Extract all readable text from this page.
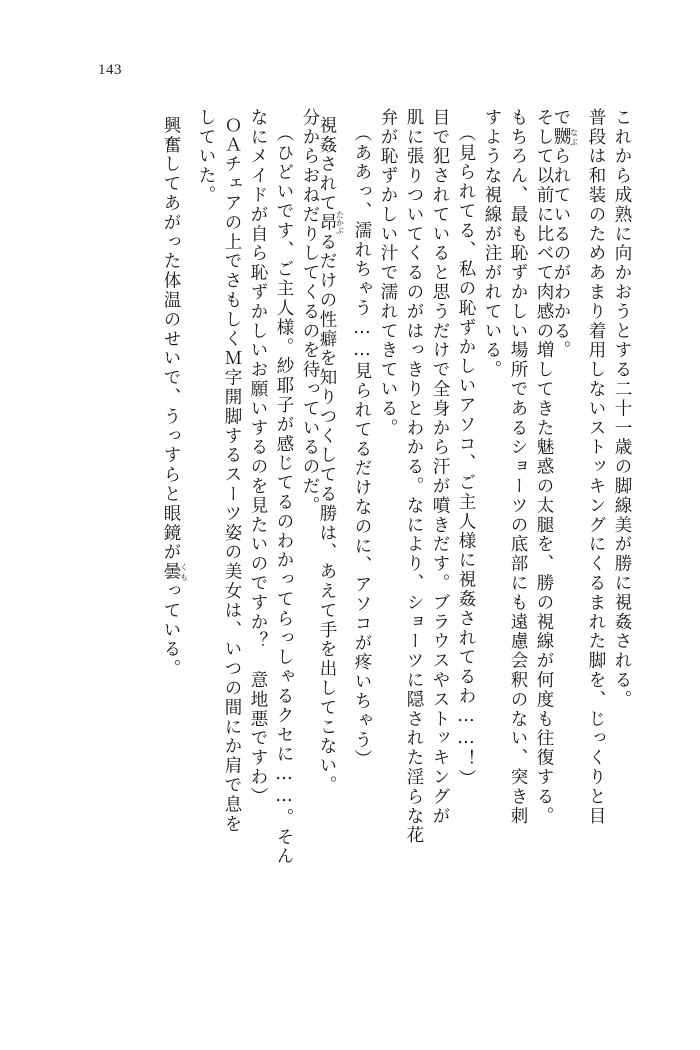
143
これから成熟に向かおうとする二十一歳の脚線美が勝に視姦される。
普段は和装のためあまり着用しないストッキングにくるまれた脚を、じっくりと目
で嬲なぶられているのがわかる。
そして以前に比べて肉感の増してきた魅惑の太腿を、勝の視線が何度も往復する。
もちろん、最も恥ずかしい場所であるショーツの底部にも遠慮会釈のない、突き刺
すような視線が注がれている。
（見られてる、私の恥ずかしいアソコ、ご主人様に視姦されてるわ……！）
目で犯されていると思うだけで全身から汗が噴きだす。ブラウスやストッキングが
肌に張りついてくるのがはっきりとわかる。なにより、ショーツに隠された淫らな花
弁が恥ずかしい汁で濡れてきている。
（ああっ、濡れちゃう……見られてるだけなのに、アソコが疼いちゃう）
視姦されて昂たかぶるだけの性癖を知りつくしてる勝は、あえて手を出してこない。
分からおねだりしてくるのを待っているのだ。
（ひどいです、ご主人様。紗耶子が感じてるのわかってらっしゃるクセに……。そん
なにメイドが自ら恥ずかしいお願いするのを見たいのですか？　意地悪ですわ）
ＯＡチェアの上でさもしくＭ字開脚するスーツ姿の美女は、いつの間にか肩で息を
していた。
興奮してあがった体温のせいで、うっすらと眼鏡が曇くもっている。
